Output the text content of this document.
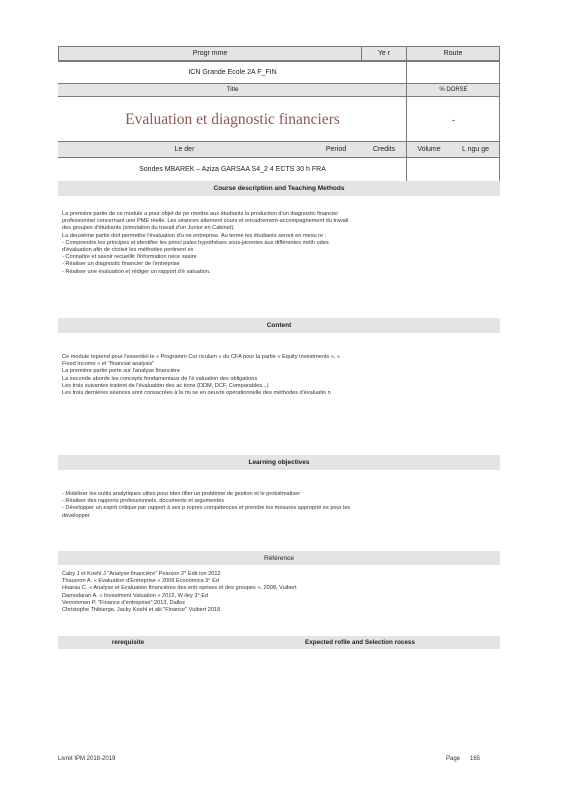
Progr mme	Ye r	Route
ICN Grande Ecole 2A F_FIN
Title	% DORSE
Evaluation et diagnostic financiers	-
Le der	Period	Credits	Volume	L ngu ge
Sondes MBAREK – Aziza GARSAA S4_2 4 ECTS 30 h FRA
Course description and Teaching Methods
La première partie de ce module a pour objet de pe rmettre aux étudiants la production d'un diagnostic financier
professionnel concernant une PME réelle. Les séances alternent cours et encadrement-accompagnement du travail
des groupes d'étudiants (simulation du travail d'un Junior en Cabinet).
La deuxième partie doit permettre l'évaluation d'u ne entreprise. Au terme les étudiants seront en mesu re :
- Comprendre les principes et identifier les princi pales hypothèses sous-jacentes aux différentes méth odes
d'évaluation afin de choisir les méthodes pertinent es
- Connaître et savoir recueillir l'information néce ssaire
- Réaliser un diagnostic financier de l'entreprise
- Réaliser une évaluation et rédiger un rapport d'é valuation.
Content
Ce module reprend pour l'essentiel le « Programm Cur riculum » du CFA pour la partie « Equity Investments », «
Fixed Income » et "financial analysis"
La première partie porte sur l'analyse financière
La seconde aborde les concepts fondamentaux de l'é valuation des obligations
Les trois suivantes traitent de l'évaluation des ac tions (DDM, DCF, Comparables...)
Les trois dernières séances sont consacrées à la mi se en oeuvre opérationnelle des méthodes d'évaluatio n
Learning objectives
- Mobiliser les outils analytiques utiles pour iden tifier un problème de gestion et le problématiser
- Réaliser des rapports professionnels, documents et argumentés
- Développer un esprit critique par rapport à ses p ropres compétences et prendre les mesures approprié es pour les
développer
Référence
Caby J et Koehl J "Analyse financière" Pearson 2° Edit ion 2012
Thauvron A. « Evaluation d'Entreprise » 2009 Economica 3° Ed
Hoarau C. « Analyse et Evaluation financières des entr eprises et des groupes », 2008, Vuibert
Damodaran A. « Investment Valuation » 2012, W iley 3° Ed
Vernimmen P. "Finance d'entreprise" 2013, Dalloz
Christophe Thibierge, Jacky Koehl et alii "Finance" Vuibert 2018
rerequisite	Expected rofile and Selection rocess
Livret IPM 2018-2019	Page 165
